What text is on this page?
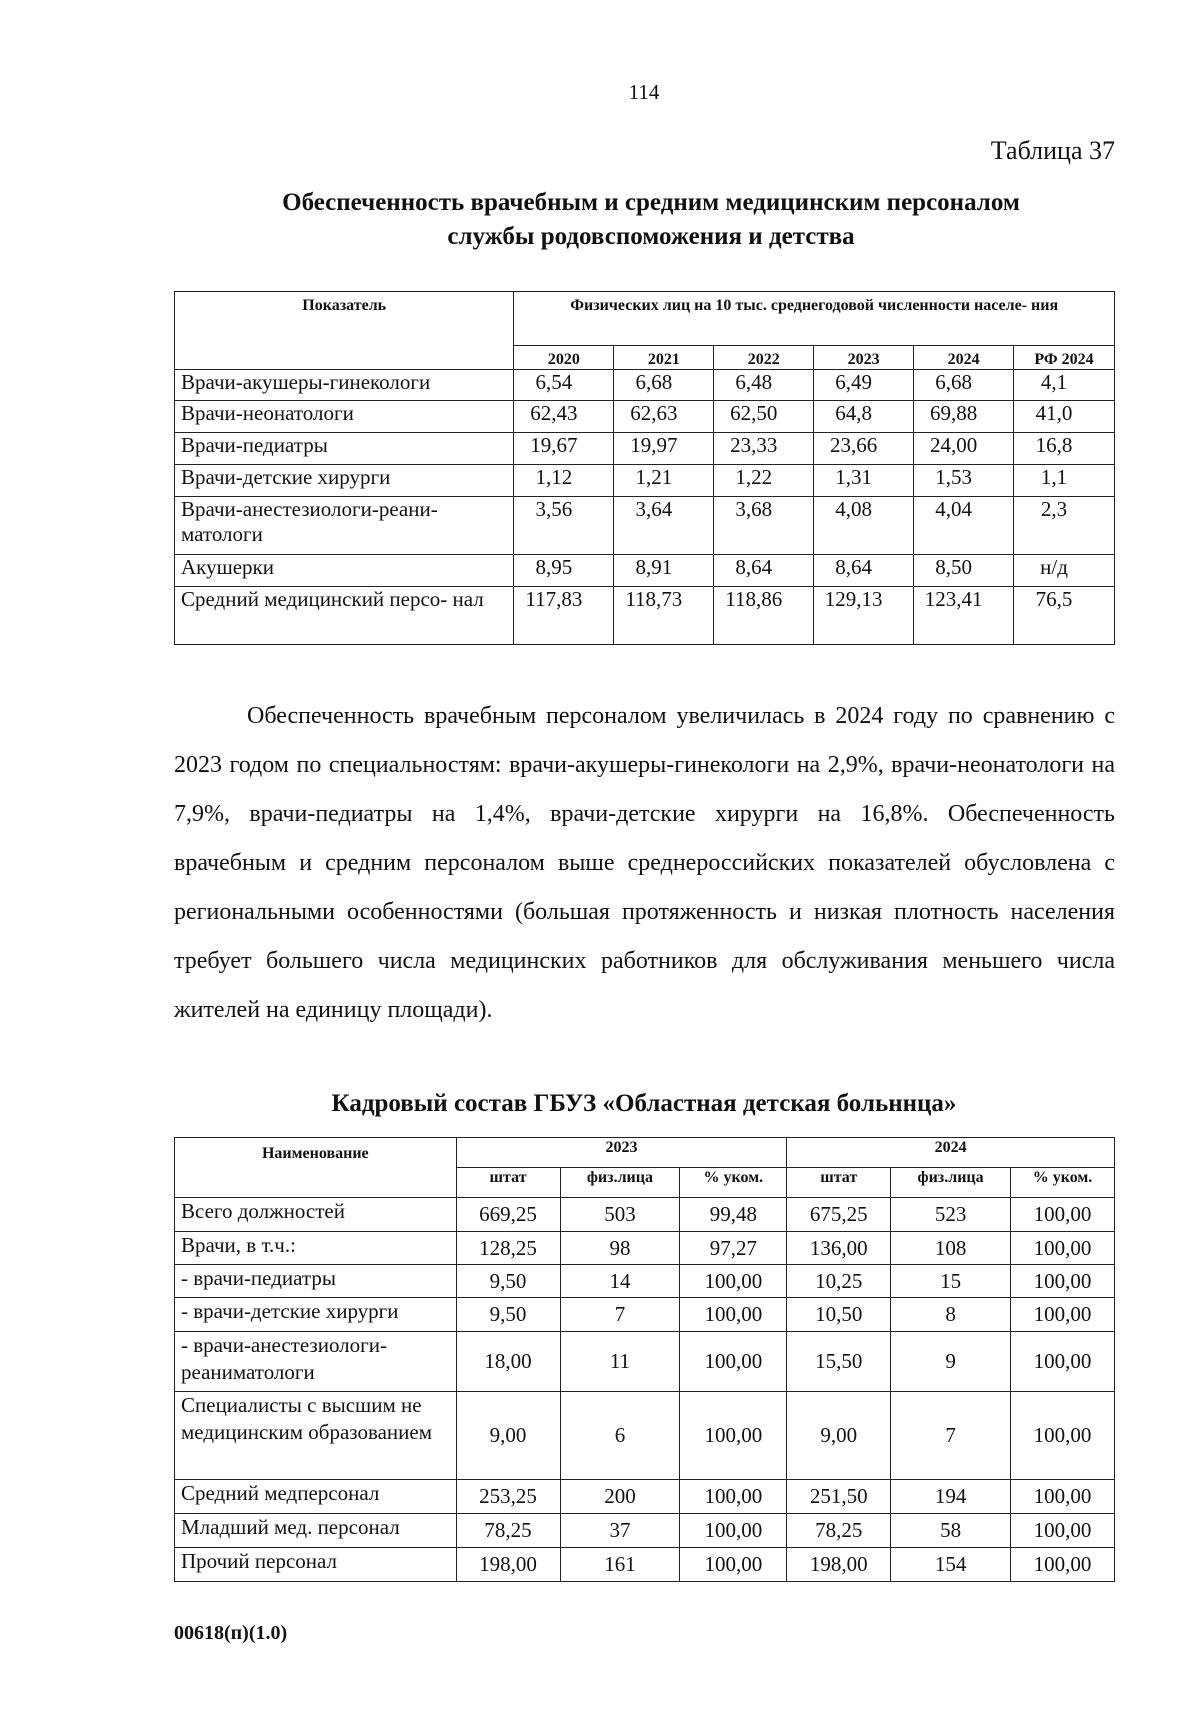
114
Таблица 37
Обеспеченность врачебным и средним медицинским персоналом
службы родовспоможения и детства
Показатель	Физических лиц на 10 тыс. среднегодовой численности населе- ния					
	2020	2021	2022	2023	2024	РФ 2024
Врачи-акушеры-гинекологи	6,54	6,68	6,48	6,49	6,68	4,1
Врачи-неонатологи	62,43	62,63	62,50	64,8	69,88	41,0
Врачи-педиатры	19,67	19,97	23,33	23,66	24,00	16,8
Врачи-детские хирурги	1,12	1,21	1,22	1,31	1,53	1,1
Врачи-анестезиологи-реани- матологи	3,56	3,64	3,68	4,08	4,04	2,3
Акушерки	8,95	8,91	8,64	8,64	8,50	н/д
Средний медицинский персо- нал	117,83	118,73	118,86	129,13	123,41	76,5
Обеспеченность врачебным персоналом увеличилась в 2024 году по сравнению с 2023 годом по специальностям: врачи-акушеры-гинекологи на 2,9%, врачи-неонатологи на 7,9%, врачи-педиатры на 1,4%, врачи-детские хирурги на 16,8%. Обеспеченность врачебным и средним персоналом выше среднероссийских показателей обусловлена с региональными особенностями (большая протяженность и низкая плотность населения требует большего числа медицинских работников для обслуживания меньшего числа жителей на единицу площади).
Кадровый состав ГБУЗ «Областная детская больннца»
Наименование	2023			2024		
	штат	физ.лица	% уком.	штат	физ.лица	% уком.
Всего должностей	669,25	503	99,48	675,25	523	100,00
Врачи, в т.ч.:	128,25	98	97,27	136,00	108	100,00
- врачи-педиатры	9,50	14	100,00	10,25	15	100,00
- врачи-детские хирурги	9,50	7	100,00	10,50	8	100,00
- врачи-анестезиологи- реаниматологи	18,00	11	100,00	15,50	9	100,00
Специалисты с высшим не медицинским образованием	9,00	6	100,00	9,00	7	100,00
Средний медперсонал	253,25	200	100,00	251,50	194	100,00
Младший мед. персонал	78,25	37	100,00	78,25	58	100,00
Прочий персонал	198,00	161	100,00	198,00	154	100,00
00618(п)(1.0)
